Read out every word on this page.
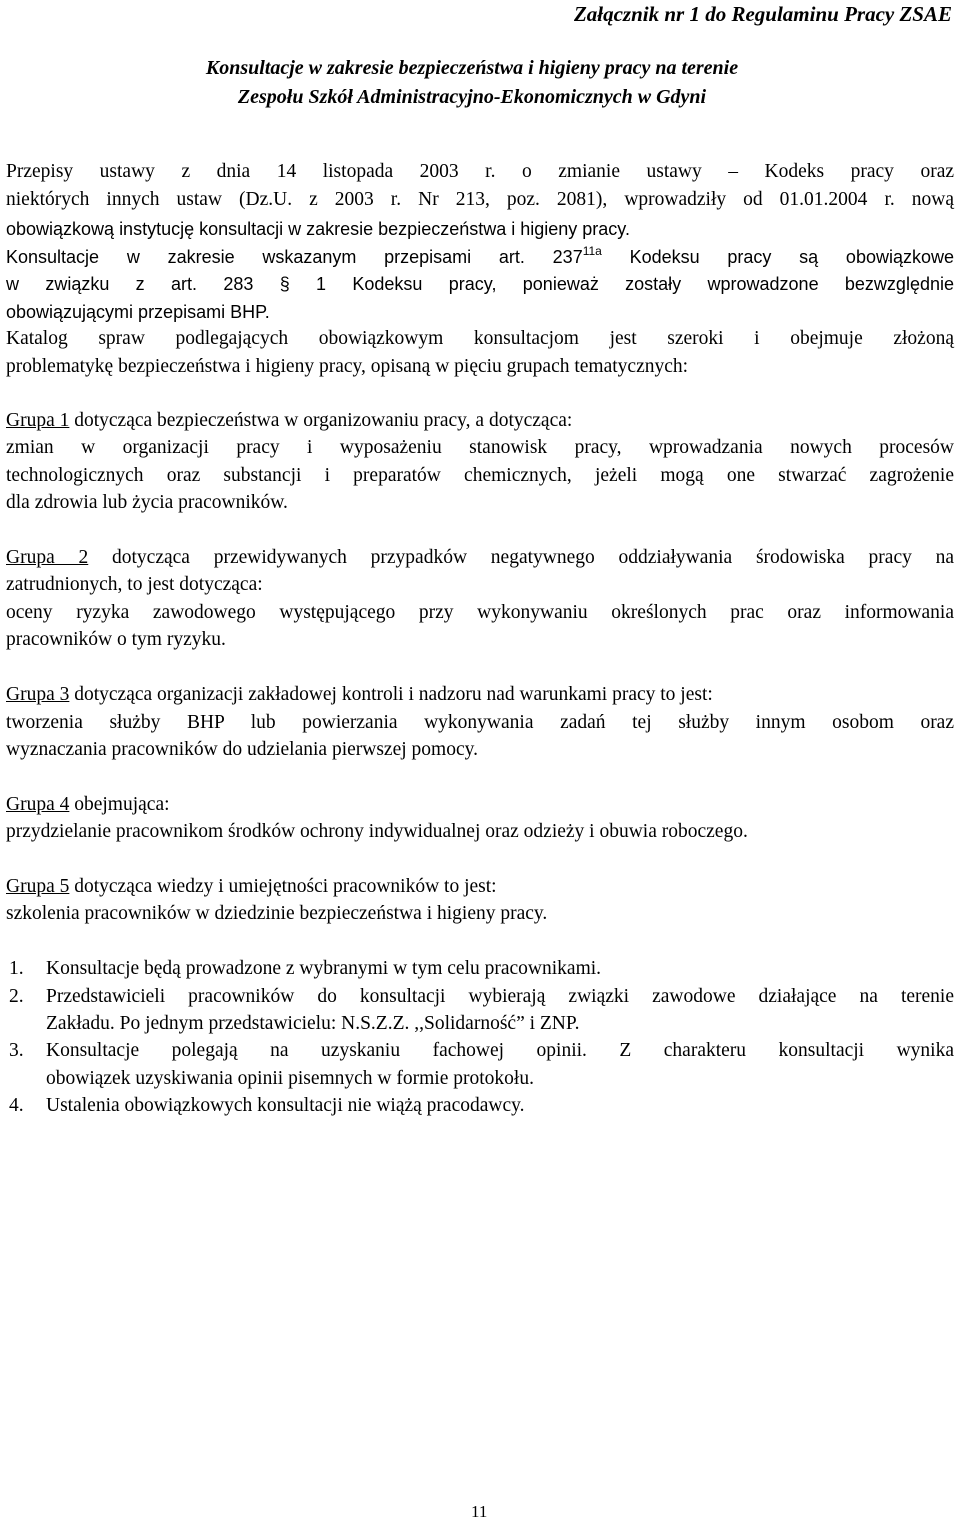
Załącznik nr 1 do Regulaminu Pracy ZSAE
Konsultacje w zakresie bezpieczeństwa i higieny pracy na terenie
Zespołu Szkół Administracyjno-Ekonomicznych w Gdyni
Przepisy ustawy z dnia 14 listopada 2003 r. o zmianie ustawy – Kodeks pracy oraz
niektórych innych ustaw (Dz.U. z 2003 r. Nr 213, poz. 2081), wprowadziły od 01.01.2004 r. nową
obowiązkową instytucję konsultacji w zakresie bezpieczeństwa i higieny pracy.
Konsultacje w zakresie wskazanym przepisami art. $237^{11a}$ Kodeksu pracy są obowiązkowe
w związku z art. 283 § 1 Kodeksu pracy, ponieważ zostały wprowadzone bezwzględnie
obowiązującymi przepisami BHP.
Katalog spraw podlegających obowiązkowym konsultacjom jest szeroki i obejmuje złożoną
problematykę bezpieczeństwa i higieny pracy, opisaną w pięciu grupach tematycznych:
Grupa 1 dotycząca bezpieczeństwa w organizowaniu pracy, a dotycząca:
zmian w organizacji pracy i wyposażeniu stanowisk pracy, wprowadzania nowych procesów
technologicznych oraz substancji i preparatów chemicznych, jeżeli mogą one stwarzać zagrożenie
dla zdrowia lub życia pracowników.
Grupa 2 dotycząca przewidywanych przypadków negatywnego oddziaływania środowiska pracy na
zatrudnionych, to jest dotycząca:
oceny ryzyka zawodowego występującego przy wykonywaniu określonych prac oraz informowania
pracowników o tym ryzyku.
Grupa 3 dotycząca organizacji zakładowej kontroli i nadzoru nad warunkami pracy to jest:
tworzenia służby BHP lub powierzania wykonywania zadań tej służby innym osobom oraz
wyznaczania pracowników do udzielania pierwszej pomocy.
Grupa 4 obejmująca:
przydzielanie pracownikom środków ochrony indywidualnej oraz odzieży i obuwia roboczego.
Grupa 5 dotycząca wiedzy i umiejętności pracowników to jest:
szkolenia pracowników w dziedzinie bezpieczeństwa i higieny pracy.
1. Konsultacje będą prowadzone z wybranymi w tym celu pracownikami.
2. Przedstawicieli pracowników do konsultacji wybierają związki zawodowe działające na terenie
Zakładu. Po jednym przedstawicielu: N.S.Z.Z. ,,Solidarność” i ZNP.
3. Konsultacje polegają na uzyskaniu fachowej opinii. Z charakteru konsultacji wynika
obowiązek uzyskiwania opinii pisemnych w formie protokołu.
4. Ustalenia obowiązkowych konsultacji nie wiążą pracodawcy.
11
